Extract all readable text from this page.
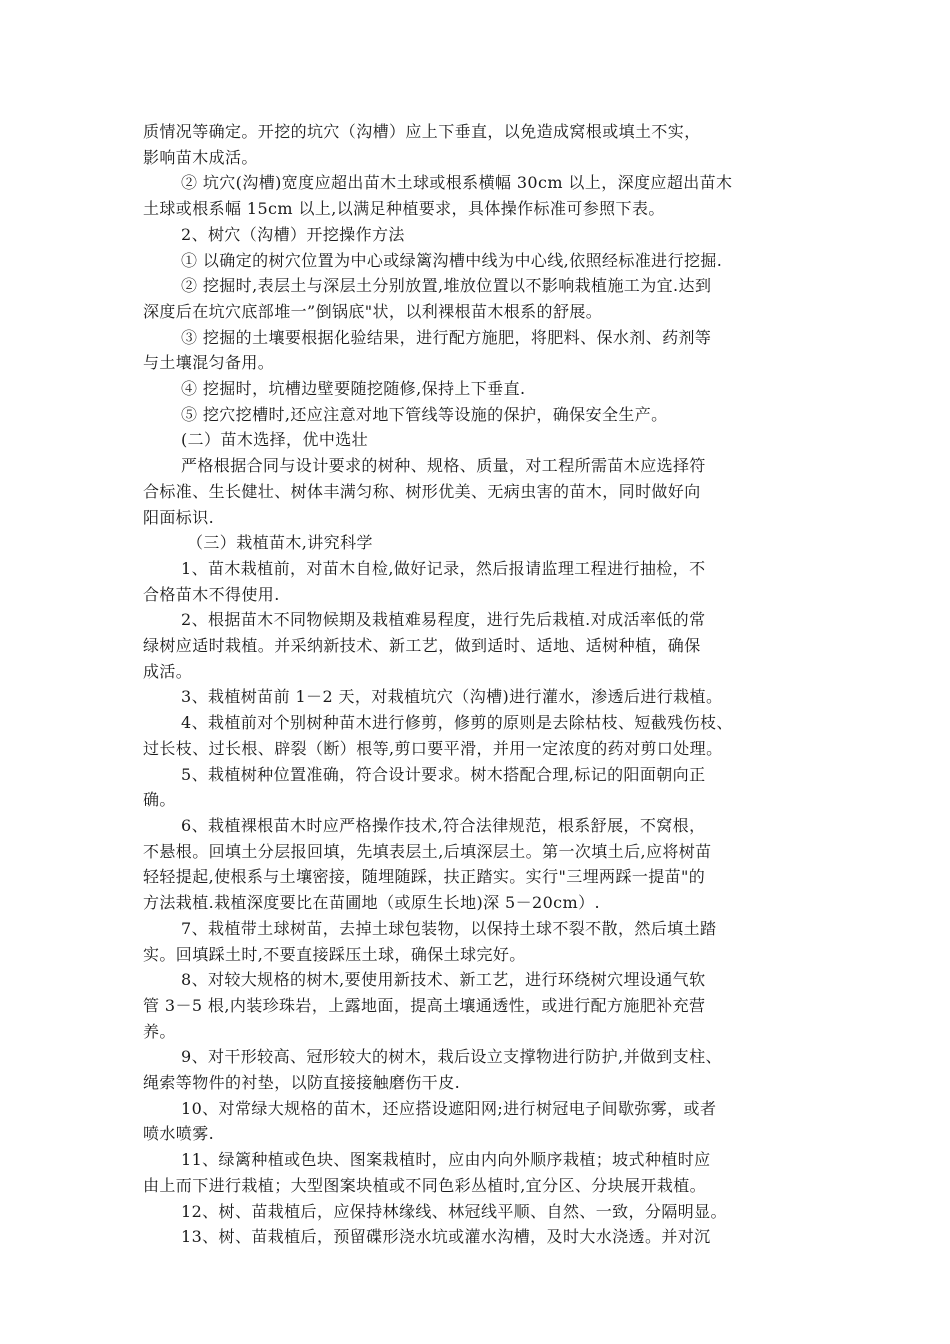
质情况等确定。开挖的坑穴（沟槽）应上下垂直，以免造成窝根或填土不实，

影响苗木成活。

② 坑穴(沟槽)宽度应超出苗木土球或根系横幅 30cm 以上，深度应超出苗木

土球或根系幅 15cm 以上,以满足种植要求，具体操作标准可参照下表。

2、树穴（沟槽）开挖操作方法

① 以确定的树穴位置为中心或绿篱沟槽中线为中心线,依照经标准进行挖掘.

② 挖掘时,表层土与深层土分别放置,堆放位置以不影响栽植施工为宜.达到

深度后在坑穴底部堆一”倒锅底"状，以利裸根苗木根系的舒展。

③ 挖掘的土壤要根据化验结果，进行配方施肥，将肥料、保水剂、药剂等

与土壤混匀备用。

④ 挖掘时，坑槽边壁要随挖随修,保持上下垂直.

⑤ 挖穴挖槽时,还应注意对地下管线等设施的保护，确保安全生产。

(二）苗木选择，优中选壮

严格根据合同与设计要求的树种、规格、质量，对工程所需苗木应选择符

合标准、生长健壮、树体丰满匀称、树形优美、无病虫害的苗木，同时做好向

阳面标识.

（三）栽植苗木,讲究科学

1、苗木栽植前，对苗木自检,做好记录，然后报请监理工程进行抽检，不

合格苗木不得使用.

2、根据苗木不同物候期及栽植难易程度，进行先后栽植.对成活率低的常

绿树应适时栽植。并采纳新技术、新工艺，做到适时、适地、适树种植，确保

成活。

3、栽植树苗前 1－2 天，对栽植坑穴（沟槽)进行灌水，渗透后进行栽植。

4、栽植前对个别树种苗木进行修剪，修剪的原则是去除枯枝、短截残伤枝、

过长枝、过长根、辟裂（断）根等,剪口要平滑，并用一定浓度的药对剪口处理。

5、栽植树种位置准确，符合设计要求。树木搭配合理,标记的阳面朝向正

确。

6、栽植裸根苗木时应严格操作技术,符合法律规范，根系舒展，不窝根，

不悬根。回填土分层报回填，先填表层土,后填深层土。第一次填土后,应将树苗

轻轻提起,使根系与土壤密接，随埋随踩，扶正踏实。实行"三埋两踩一提苗"的

方法栽植.栽植深度要比在苗圃地（或原生长地)深 5－20cm）.

7、栽植带土球树苗，去掉土球包装物，以保持土球不裂不散，然后填土踏

实。回填踩土时,不要直接踩压土球，确保土球完好。

8、对较大规格的树木,要使用新技术、新工艺，进行环绕树穴埋设通气软

管 3－5 根,内装珍珠岩，上露地面，提高土壤通透性，或进行配方施肥补充营

养。

9、对干形较高、冠形较大的树木，栽后设立支撑物进行防护,并做到支柱、

绳索等物件的衬垫，以防直接接触磨伤干皮.

10、对常绿大规格的苗木，还应搭设遮阳网;进行树冠电子间歇弥雾，或者

喷水喷雾.

11、绿篱种植或色块、图案栽植时，应由内向外顺序栽植；坡式种植时应

由上而下进行栽植；大型图案块植或不同色彩丛植时,宜分区、分块展开栽植。

12、树、苗栽植后，应保持林缘线、林冠线平顺、自然、一致，分隔明显。

13、树、苗栽植后，预留碟形浇水坑或灌水沟槽，及时大水浇透。并对沉
